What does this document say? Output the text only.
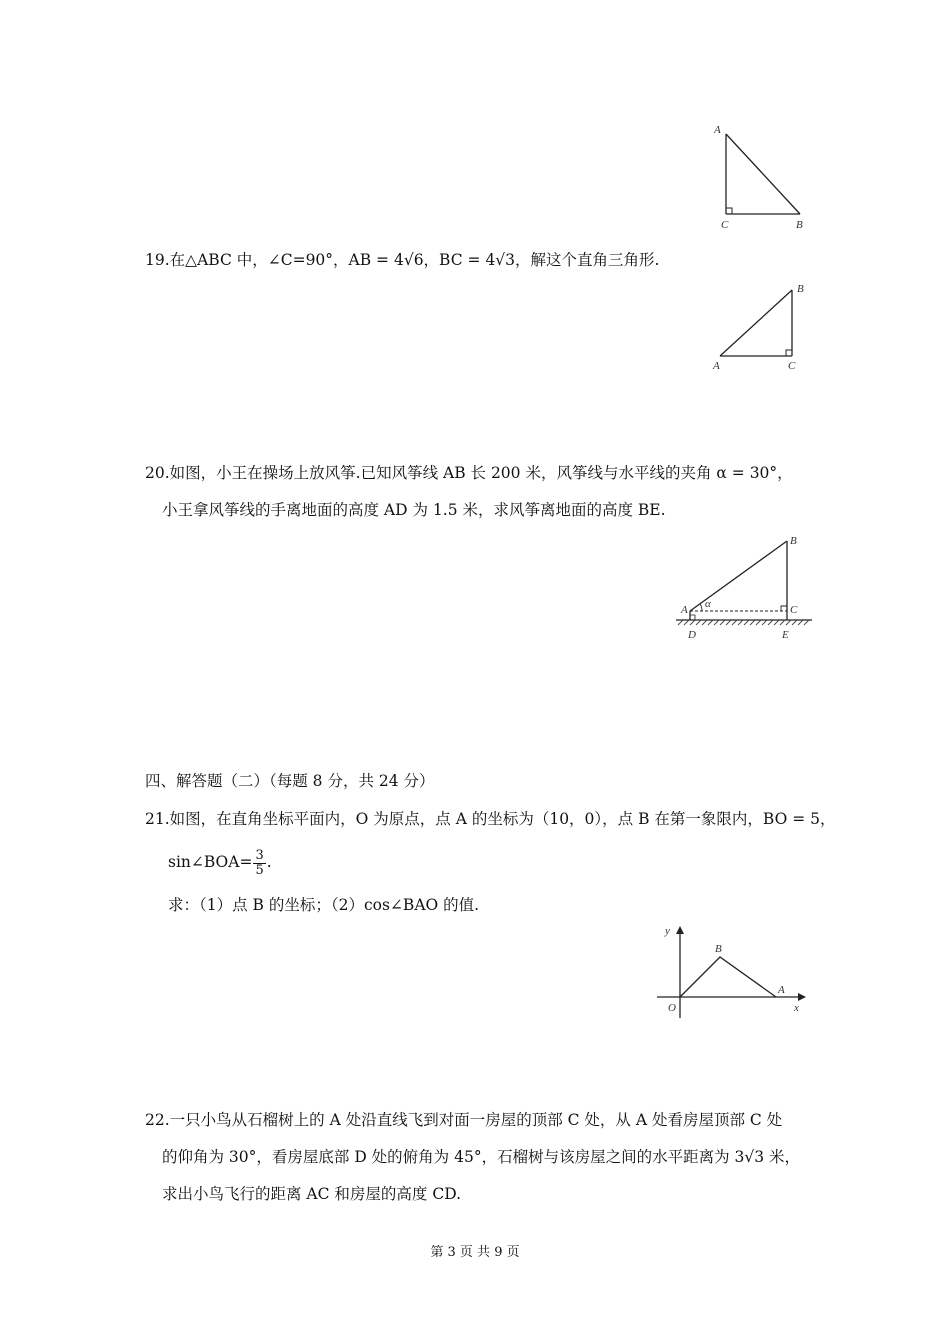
A
C	B
19.在△ABC 中，∠C=90°，AB = 4√6，BC = 4√3，解这个直角三角形.
B
A	C
20.如图，小王在操场上放风筝.已知风筝线 AB 长 200 米，风筝线与水平线的夹角 α = 30°，
小王拿风筝线的手离地面的高度 AD 为 1.5 米，求风筝离地面的高度 BE.
B
A α	C
D	E
四、解答题（二）（每题 8 分，共 24 分）
21.如图，在直角坐标平面内，O 为原点，点 A 的坐标为（10，0），点 B 在第一象限内，BO = 5，
sin∠BOA= $\frac{3}{5}$ .
求：（1）点 B 的坐标；（2）cos∠BAO 的值.
y
B
A
O	x
22.一只小鸟从石榴树上的 A 处沿直线飞到对面一房屋的顶部 C 处，从 A 处看房屋顶部 C 处
的仰角为 30°，看房屋底部 D 处的俯角为 45°，石榴树与该房屋之间的水平距离为 3√3 米，
求出小鸟飞行的距离 AC 和房屋的高度 CD.
第 3 页 共 9 页
